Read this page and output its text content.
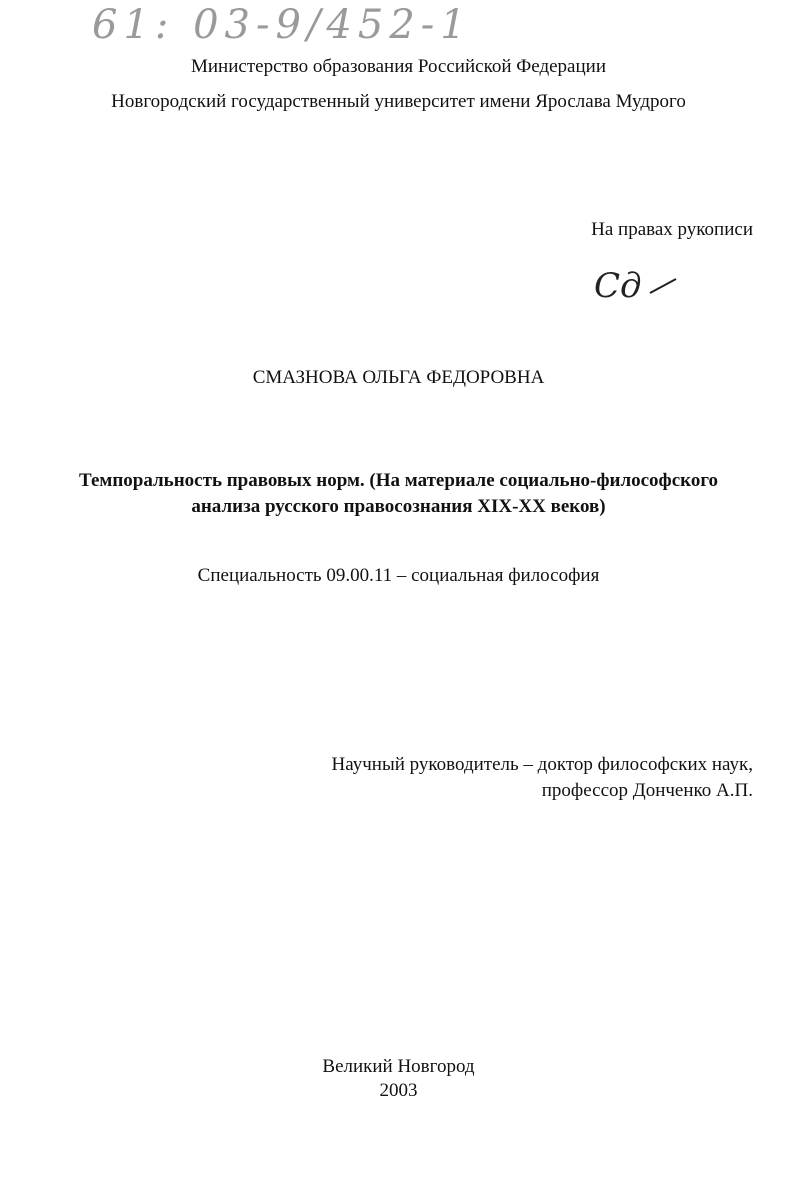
61: 03-9/452-1
Министерство образования Российской Федерации
Новгородский государственный университет имени Ярослава Мудрого
На правах рукописи
Сд
СМАЗНОВА ОЛЬГА ФЕДОРОВНА
Темпоральность правовых норм. (На материале социально-философского
анализа русского правосознания XIX-XX веков)
Специальность 09.00.11 – социальная философия
Научный руководитель – доктор философских наук,
профессор Донченко А.П.
Великий Новгород
2003
